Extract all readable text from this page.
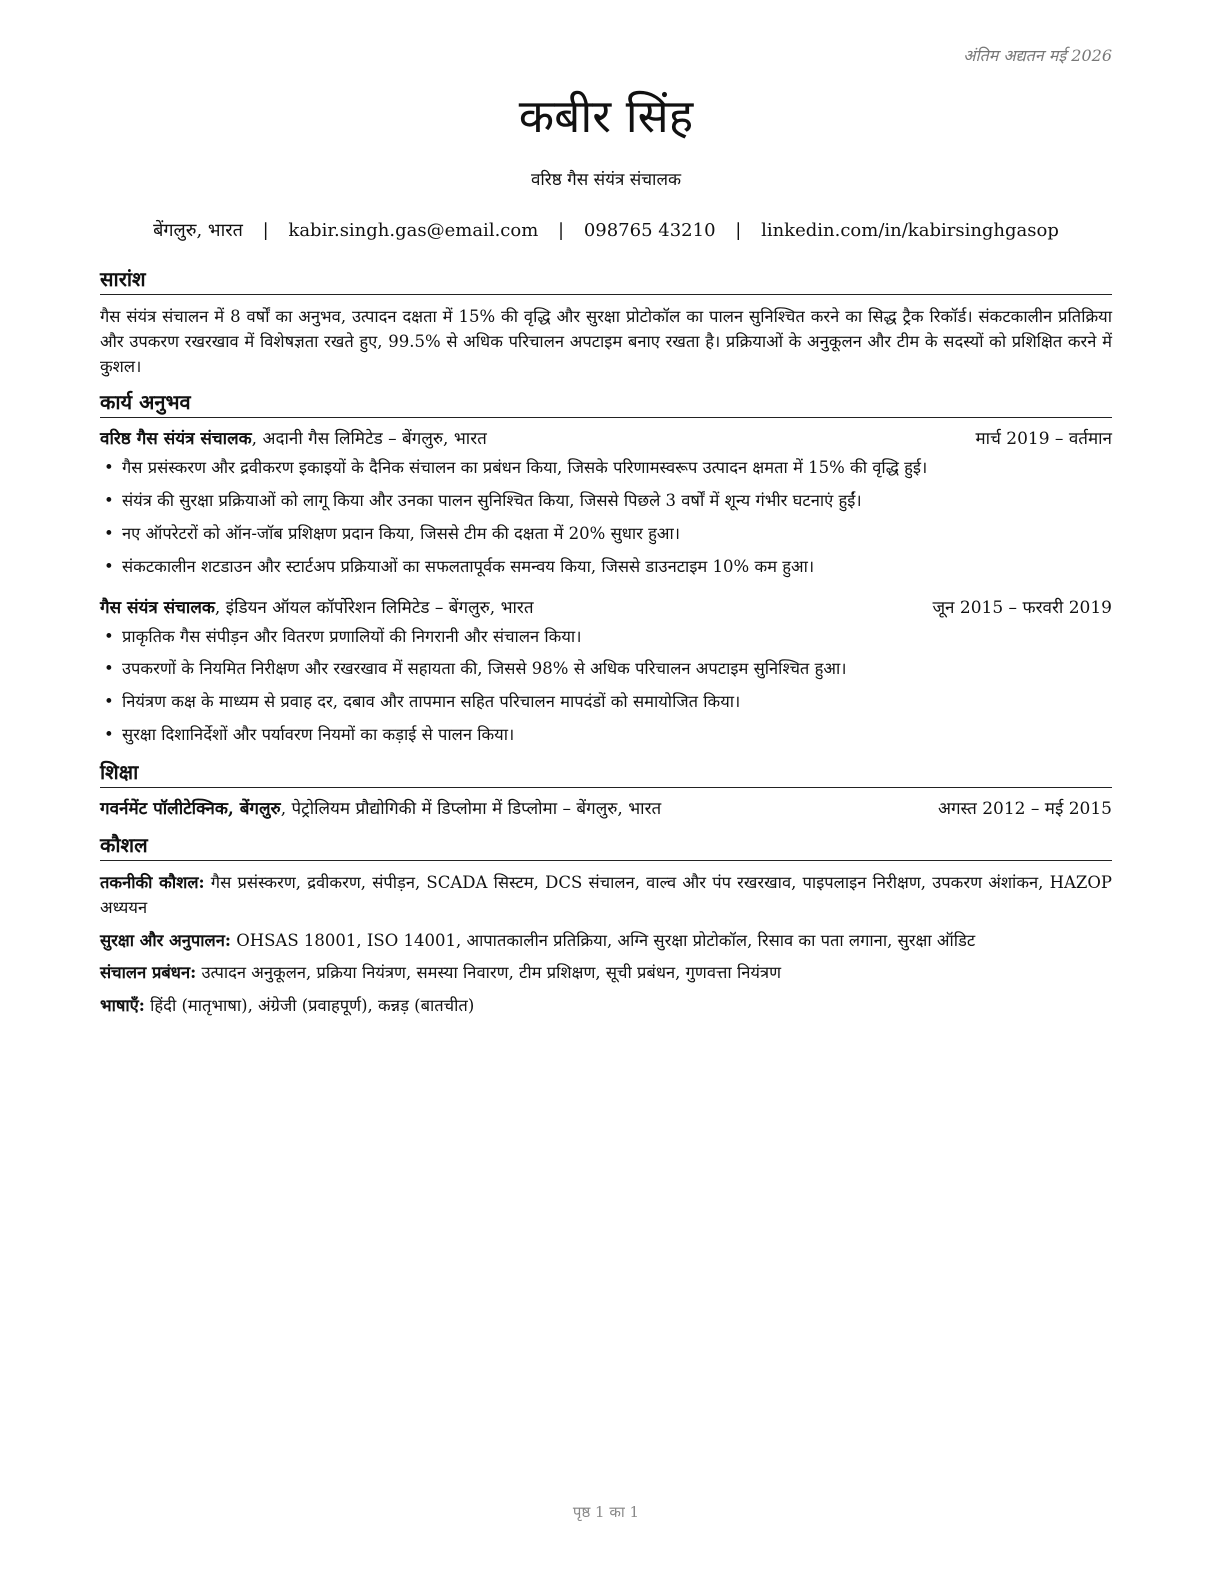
अंतिम अद्यतन मई 2026
कबीर सिंह
वरिष्ठ गैस संयंत्र संचालक
बेंगलुरु, भारत | kabir.singh.gas@email.com | 098765 43210 | linkedin.com/in/kabirsinghgasop
सारांश

गैस संयंत्र संचालन में 8 वर्षों का अनुभव, उत्पादन दक्षता में 15% की वृद्धि और सुरक्षा प्रोटोकॉल का पालन सुनिश्चित करने का सिद्ध ट्रैक रिकॉर्ड। संकटकालीन प्रतिक्रिया और उपकरण रखरखाव में विशेषज्ञता रखते हुए, 99.5% से अधिक परिचालन अपटाइम बनाए रखता है। प्रक्रियाओं के अनुकूलन और टीम के सदस्यों को प्रशिक्षित करने में कुशल।

कार्य अनुभव
वरिष्ठ गैस संयंत्र संचालक, अदानी गैस लिमिटेड – बेंगलुरु, भारत	मार्च 2019 – वर्तमान
• गैस प्रसंस्करण और द्रवीकरण इकाइयों के दैनिक संचालन का प्रबंधन किया, जिसके परिणामस्वरूप उत्पादन क्षमता में 15% की वृद्धि हुई।
• संयंत्र की सुरक्षा प्रक्रियाओं को लागू किया और उनका पालन सुनिश्चित किया, जिससे पिछले 3 वर्षों में शून्य गंभीर घटनाएं हुईं।
• नए ऑपरेटरों को ऑन-जॉब प्रशिक्षण प्रदान किया, जिससे टीम की दक्षता में 20% सुधार हुआ।
• संकटकालीन शटडाउन और स्टार्टअप प्रक्रियाओं का सफलतापूर्वक समन्वय किया, जिससे डाउनटाइम 10% कम हुआ।
गैस संयंत्र संचालक, इंडियन ऑयल कॉर्पोरेशन लिमिटेड – बेंगलुरु, भारत	जून 2015 – फरवरी 2019
• प्राकृतिक गैस संपीड़न और वितरण प्रणालियों की निगरानी और संचालन किया।
• उपकरणों के नियमित निरीक्षण और रखरखाव में सहायता की, जिससे 98% से अधिक परिचालन अपटाइम सुनिश्चित हुआ।
• नियंत्रण कक्ष के माध्यम से प्रवाह दर, दबाव और तापमान सहित परिचालन मापदंडों को समायोजित किया।
• सुरक्षा दिशानिर्देशों और पर्यावरण नियमों का कड़ाई से पालन किया।
शिक्षा
गवर्नमेंट पॉलीटेक्निक, बेंगलुरु, पेट्रोलियम प्रौद्योगिकी में डिप्लोमा में डिप्लोमा – बेंगलुरु, भारत	अगस्त 2012 – मई 2015
कौशल

तकनीकी कौशल: गैस प्रसंस्करण, द्रवीकरण, संपीड़न, SCADA सिस्टम, DCS संचालन, वाल्व और पंप रखरखाव, पाइपलाइन निरीक्षण, उपकरण अंशांकन, HAZOP अध्ययन

सुरक्षा और अनुपालन: OHSAS 18001, ISO 14001, आपातकालीन प्रतिक्रिया, अग्नि सुरक्षा प्रोटोकॉल, रिसाव का पता लगाना, सुरक्षा ऑडिट

संचालन प्रबंधन: उत्पादन अनुकूलन, प्रक्रिया नियंत्रण, समस्या निवारण, टीम प्रशिक्षण, सूची प्रबंधन, गुणवत्ता नियंत्रण

भाषाएँ: हिंदी (मातृभाषा), अंग्रेजी (प्रवाहपूर्ण), कन्नड़ (बातचीत)

पृष्ठ 1 का 1
